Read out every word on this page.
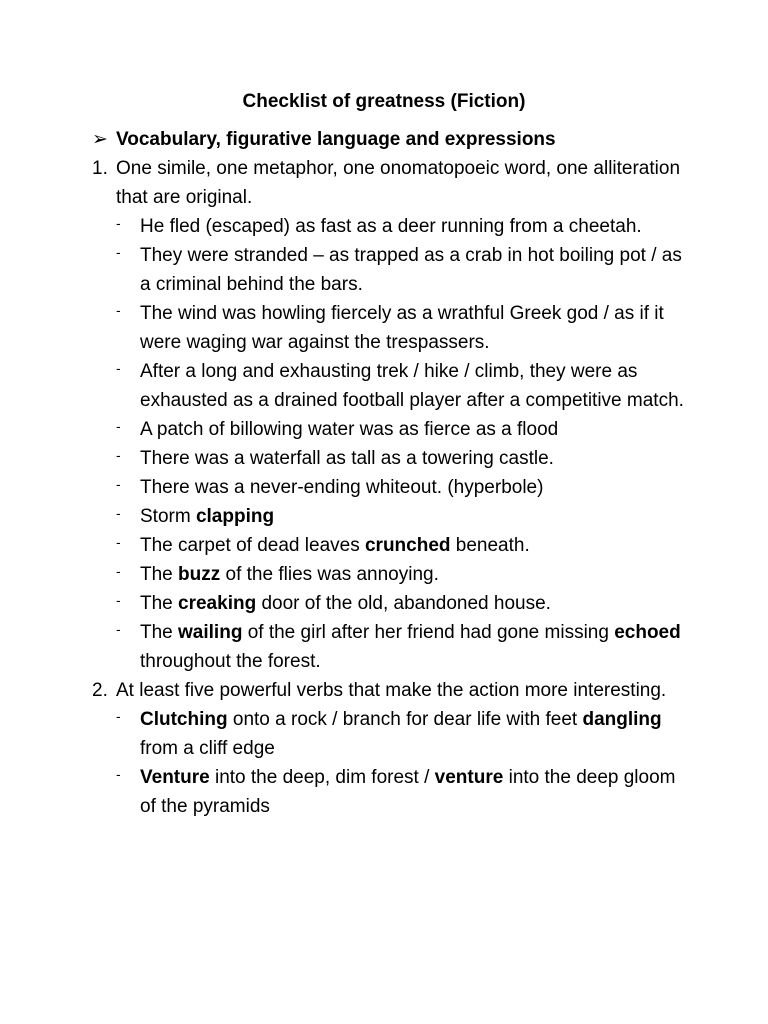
Checklist of greatness (Fiction)
➢ Vocabulary, figurative language and expressions
1. One simile, one metaphor, one onomatopoeic word, one alliteration that are original.
- He fled (escaped) as fast as a deer running from a cheetah.
- They were stranded – as trapped as a crab in hot boiling pot / as a criminal behind the bars.
- The wind was howling fiercely as a wrathful Greek god / as if it were waging war against the trespassers.
- After a long and exhausting trek / hike / climb, they were as exhausted as a drained football player after a competitive match.
- A patch of billowing water was as fierce as a flood
- There was a waterfall as tall as a towering castle.
- There was a never-ending whiteout. (hyperbole)
- Storm clapping
- The carpet of dead leaves crunched beneath.
- The buzz of the flies was annoying.
- The creaking door of the old, abandoned house.
- The wailing of the girl after her friend had gone missing echoed throughout the forest.
2. At least five powerful verbs that make the action more interesting.
- Clutching onto a rock / branch for dear life with feet dangling from a cliff edge
- Venture into the deep, dim forest / venture into the deep gloom of the pyramids
